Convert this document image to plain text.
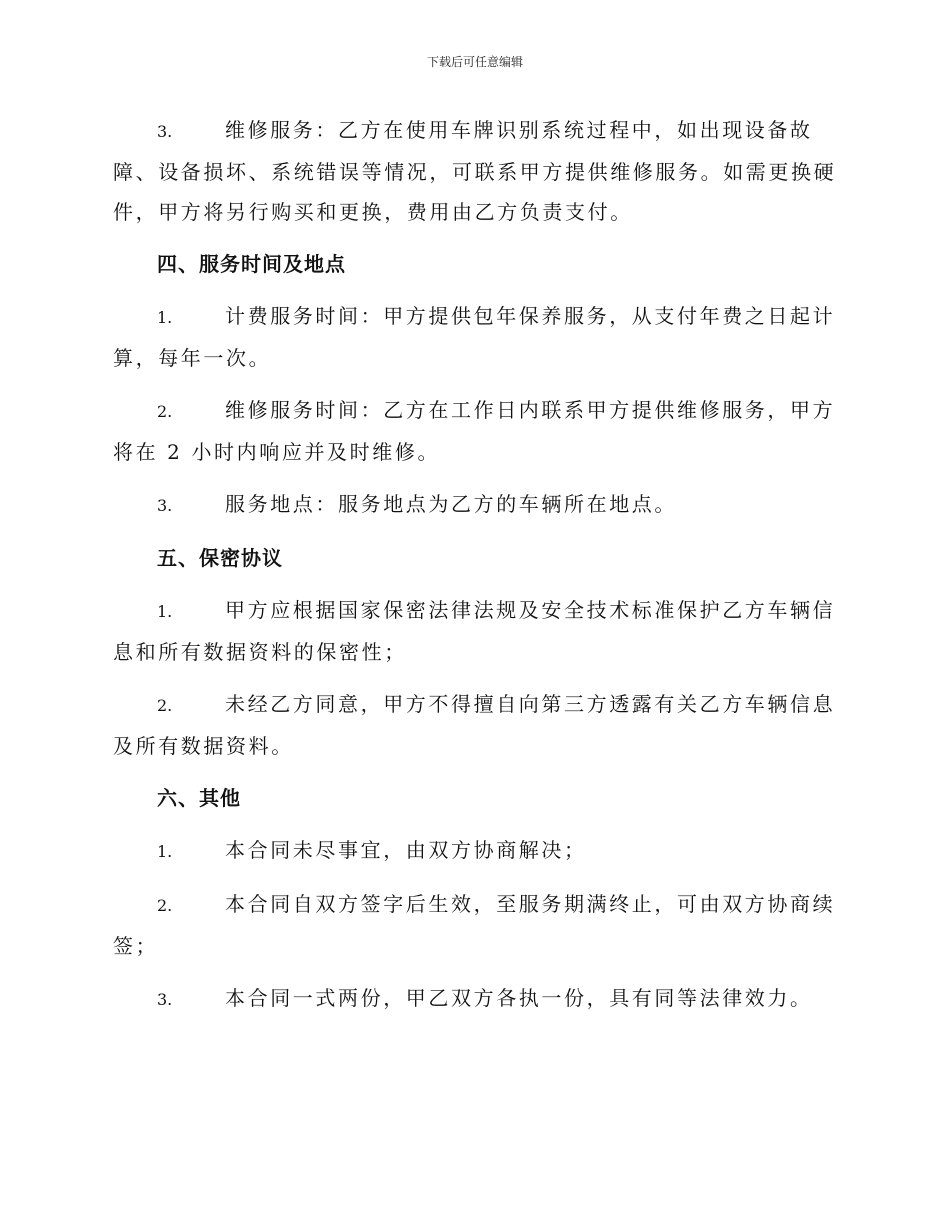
下载后可任意编辑

3.	维修服务：乙方在使用车牌识别系统过程中，如出现设备故障、设备损坏、系统错误等情况，可联系甲方提供维修服务。如需更换硬件，甲方将另行购买和更换，费用由乙方负责支付。

四、服务时间及地点

1.	计费服务时间：甲方提供包年保养服务，从支付年费之日起计算，每年一次。

2.	维修服务时间：乙方在工作日内联系甲方提供维修服务，甲方将在 2 小时内响应并及时维修。

3.	服务地点：服务地点为乙方的车辆所在地点。

五、保密协议

1.	甲方应根据国家保密法律法规及安全技术标准保护乙方车辆信息和所有数据资料的保密性；

2.	未经乙方同意，甲方不得擅自向第三方透露有关乙方车辆信息及所有数据资料。

六、其他

1.	本合同未尽事宜，由双方协商解决；

2.	本合同自双方签字后生效，至服务期满终止，可由双方协商续签；

3.	本合同一式两份，甲乙双方各执一份，具有同等法律效力。
